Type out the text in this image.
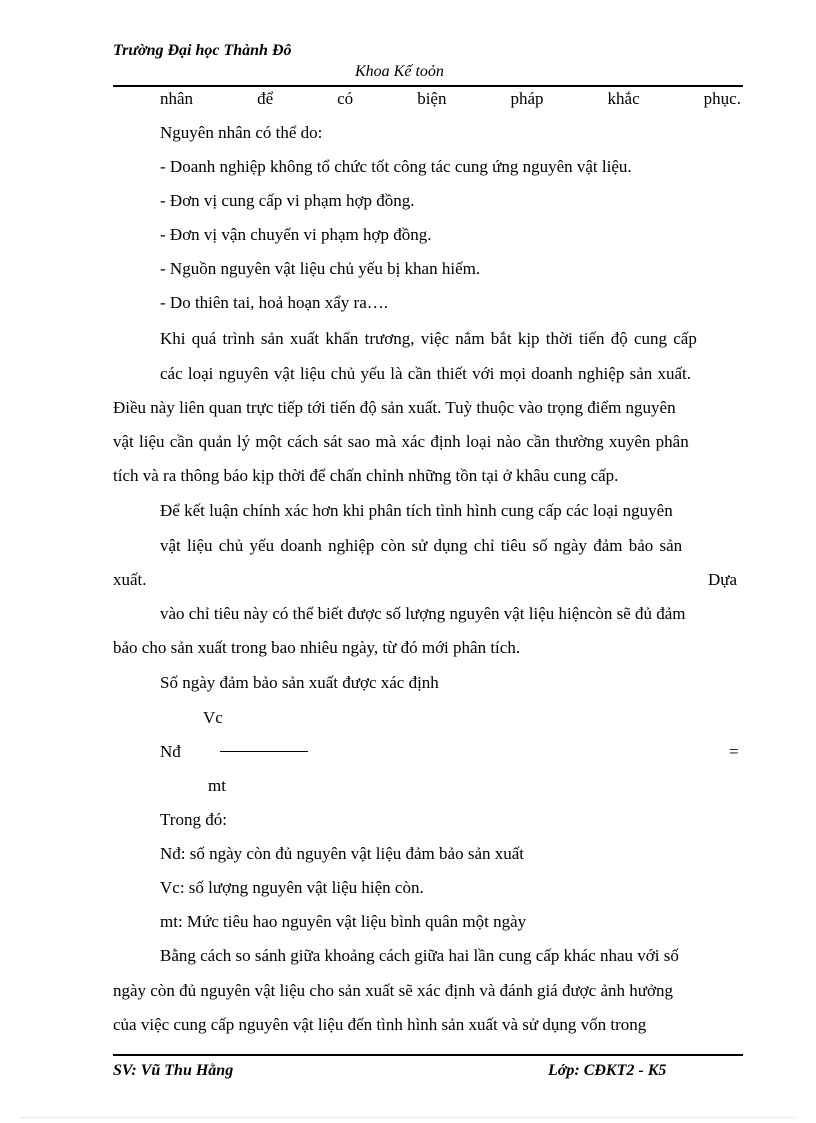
Trường Đại học Thành Đô
Khoa Kế toỏn
nhân	để	có	biện	pháp	khắc	phục.
Nguyên nhân có thể do:
- Doanh nghiệp không tổ chức tốt công tác cung ứng nguyên vật liệu.
- Đơn vị cung cấp vi phạm hợp đồng.
- Đơn vị vận chuyển vi phạm hợp đồng.
- Nguồn nguyên vật liệu chủ yếu bị khan hiếm.
- Do thiên tai, hoả hoạn xẩy ra….
Khi quá trình sản xuất khẩn trương, việc nắm bắt kịp thời tiến độ cung cấp
các loại nguyên vật liệu chủ yếu là cần thiết với mọi doanh nghiệp sản xuất.
Điều này liên quan trực tiếp tới tiến độ sản xuất. Tuỳ thuộc vào trọng điểm nguyên
vật liệu cần quản lý một cách sát sao mà xác định loại nào cần thường xuyên phân
tích và ra thông báo kịp thời để chấn chỉnh những tồn tại ở khâu cung cấp.
Để kết luận chính xác hơn khi phân tích tình hình cung cấp các loại nguyên
vật liệu chủ yếu doanh nghiệp còn sử dụng chỉ tiêu số ngày đảm bảo sản
xuất.	Dựa
vào chỉ tiêu này có thể biết được số lượng nguyên vật liệu hiệncòn sẽ đủ đảm
bảo cho sản xuất trong bao nhiêu ngày, từ đó mới phân tích.
Số ngày đảm bảo sản xuất được xác định
Vc
Nđ	=
mt
Trong đó:
Nđ: số ngày còn đủ nguyên vật liệu đảm bảo sản xuất
Vc: số lượng nguyên vật liệu hiện còn.
mt: Mức tiêu hao nguyên vật liệu bình quân một ngày
Bằng cách so sánh giữa khoảng cách giữa hai lần cung cấp khác nhau với số
ngày còn đủ nguyên vật liệu cho sản xuất sẽ xác định và đánh giá được ảnh hưởng
của việc cung cấp nguyên vật liệu đến tình hình sản xuất và sử dụng vốn trong
SV: Vũ Thu Hằng	Lớp: CĐKT2 - K5
